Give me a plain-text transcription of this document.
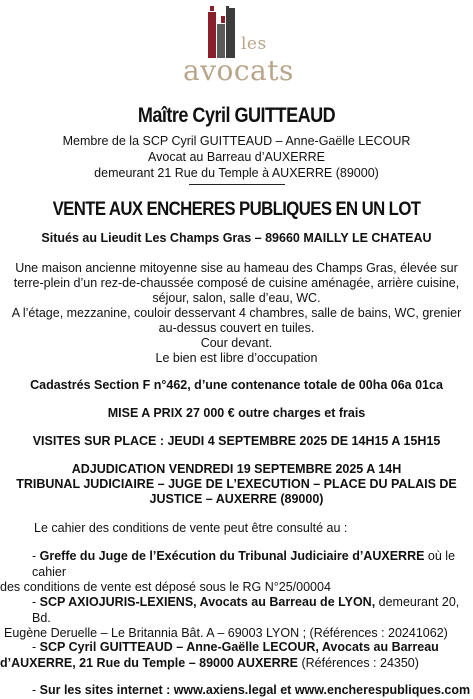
les
avocats
Maître Cyril GUITTEAUD
Membre de la SCP Cyril GUITTEAUD – Anne-Gaëlle LECOUR
Avocat au Barreau d’AUXERRE
demeurant 21 Rue du Temple à AUXERRE (89000)
VENTE AUX ENCHERES PUBLIQUES EN UN LOT
Situés au Lieudit Les Champs Gras – 89660 MAILLY LE CHATEAU
Une maison ancienne mitoyenne sise au hameau des Champs Gras, élevée sur
terre-plein d’un rez-de-chaussée composé de cuisine aménagée, arrière cuisine,
séjour, salon, salle d’eau, WC.
A l’étage, mezzanine, couloir desservant 4 chambres, salle de bains, WC, grenier
au-dessus couvert en tuiles.
Cour devant.
Le bien est libre d’occupation
Cadastrés Section F n°462, d’une contenance totale de 00ha 06a 01ca
MISE A PRIX 27 000 € outre charges et frais
VISITES SUR PLACE : JEUDI 4 SEPTEMBRE 2025 DE 14H15 A 15H15
ADJUDICATION VENDREDI 19 SEPTEMBRE 2025 A 14H
TRIBUNAL JUDICIAIRE – JUGE DE L’EXECUTION – PLACE DU PALAIS DE
JUSTICE – AUXERRE (89000)
Le cahier des conditions de vente peut être consulté au :
- Greffe du Juge de l’Exécution du Tribunal Judiciaire d’AUXERRE où le cahier
des conditions de vente est déposé sous le RG N°25/00004
- SCP AXIOJURIS-LEXIENS, Avocats au Barreau de LYON, demeurant 20, Bd.
Eugène Deruelle – Le Britannia Bât. A – 69003 LYON ; (Références : 20241062)
- SCP Cyril GUITTEAUD – Anne-Gaëlle LECOUR, Avocats au Barreau
d’AUXERRE, 21 Rue du Temple – 89000 AUXERRE (Références : 24350)
- Sur les sites internet : www.axiens.legal et www.encherespubliques.com
